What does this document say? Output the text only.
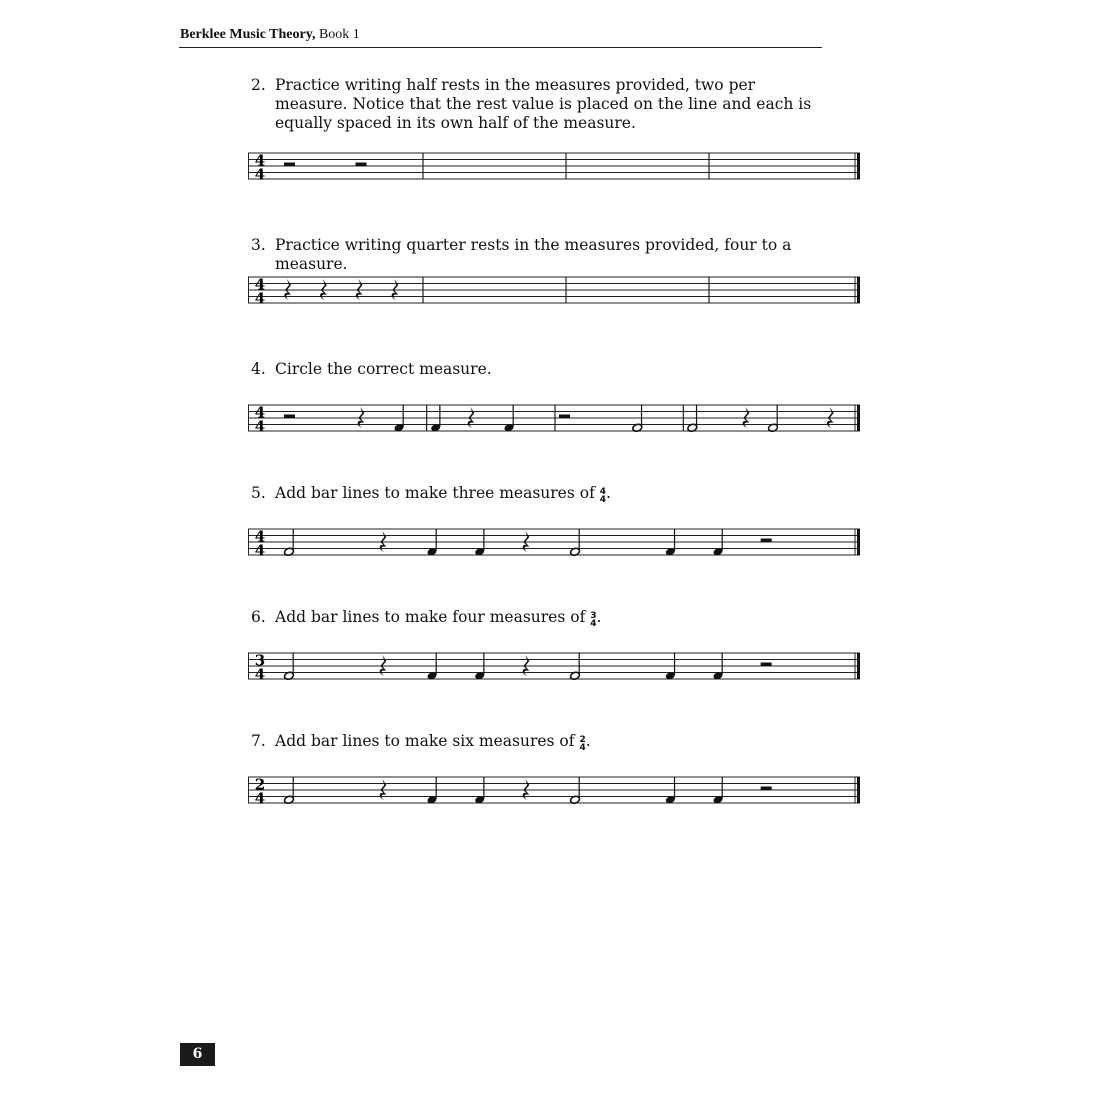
Berklee Music Theory, Book 1
2. Practice writing half rests in the measures provided, two per measure. Notice that the rest value is placed on the line and each is equally spaced in its own half of the measure.
4
4
3. Practice writing quarter rests in the measures provided, four to a measure.
4
4
4. Circle the correct measure.
4
4
5. Add bar lines to make three measures of 4
4 .
4
4
6. Add bar lines to make four measures of 3
4 .
3
4
7. Add bar lines to make six measures of 2
4 .
2
4
6
